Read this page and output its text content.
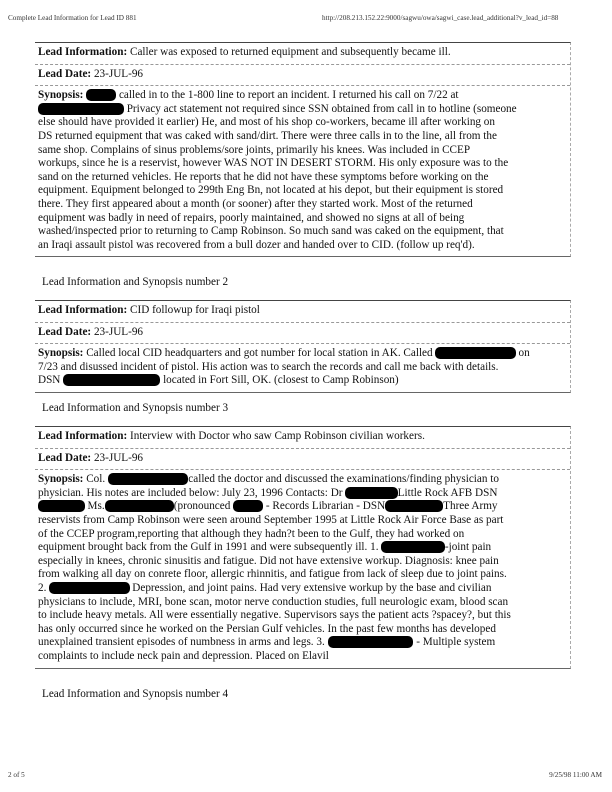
Complete Lead Information for Lead ID 881	http://208.213.152.22:9000/sagwu/owa/sagwi_case.lead_additional?v_lead_id=88
Lead Information: Caller was exposed to returned equipment and subsequently became ill.
Lead Date: 23-JUL-96
Synopsis: xxxxx called in to the 1-800 line to report an incident. I returned his call on 7/22 at
xxxxxxxxxxxxxxx Privacy act statement not required since SSN obtained from call in to hotline (someone
else should have provided it earlier) He, and most of his shop co-workers, became ill after working on
DS returned equipment that was caked with sand/dirt. There were three calls in to the line, all from the
same shop. Complains of sinus problems/sore joints, primarily his knees. Was included in CCEP
workups, since he is a reservist, however WAS NOT IN DESERT STORM. His only exposure was to the
sand on the returned vehicles. He reports that he did not have these symptoms before working on the
equipment. Equipment belonged to 299th Eng Bn, not located at his depot, but their equipment is stored
there. They first appeared about a month (or sooner) after they started work. Most of the returned
equipment was badly in need of repairs, poorly maintained, and showed no signs at all of being
washed/inspected prior to returning to Camp Robinson. So much sand was caked on the equipment, that
an Iraqi assault pistol was recovered from a bull dozer and handed over to CID. (follow up req'd).
Lead Information and Synopsis number 2
Lead Information: CID followup for Iraqi pistol
Lead Date: 23-JUL-96
Synopsis: Called local CID headquarters and got number for local station in AK. Called xxxxxxxxxxxxxx on
7/23 and disussed incident of pistol. His action was to search the records and call me back with details.
DSN xxxxxxxxxxxxxxxxx located in Fort Sill, OK. (closest to Camp Robinson)
Lead Information and Synopsis number 3
Lead Information: Interview with Doctor who saw Camp Robinson civilian workers.
Lead Date: 23-JUL-96
Synopsis: Col. xxxxxxxxxxxxxxcalled the doctor and discussed the examinations/finding physician to
physician. His notes are included below: July 23, 1996 Contacts: Dr xxxxxxxxxLittle Rock AFB DSN
xxxxxxxx Ms.xxxxxxxxxxxx(pronounced xxxxx - Records Librarian - DSNxxxxxxxxxxThree Army
reservists from Camp Robinson were seen around September 1995 at Little Rock Air Force Base as part
of the CCEP program,reporting that although they hadn?t been to the Gulf, they had worked on
equipment brought back from the Gulf in 1991 and were subsequently ill. 1. xxxxxxxxxxx-joint pain
especially in knees, chronic sinusitis and fatigue. Did not have extensive workup. Diagnosis: knee pain
from walking all day on conrete floor, allergic rhinnitis, and fatigue from lack of sleep due to joint pains.
2. xxxxxxxxxxxxxx Depression, and joint pains. Had very extensive workup by the base and civilian
physicians to include, MRI, bone scan, motor nerve conduction studies, full neurologic exam, blood scan
to include heavy metals. All were essentially negative. Supervisors says the patient acts ?spacey?, but this
has only occurred since he worked on the Persian Gulf vehicles. In the past few months has developed
unexplained transient episodes of numbness in arms and legs. 3. xxxxxxxxxxxxxxx - Multiple system
complaints to include neck pain and depression. Placed on Elavil
Lead Information and Synopsis number 4
2 of 5	9/25/98 11:00 AM
